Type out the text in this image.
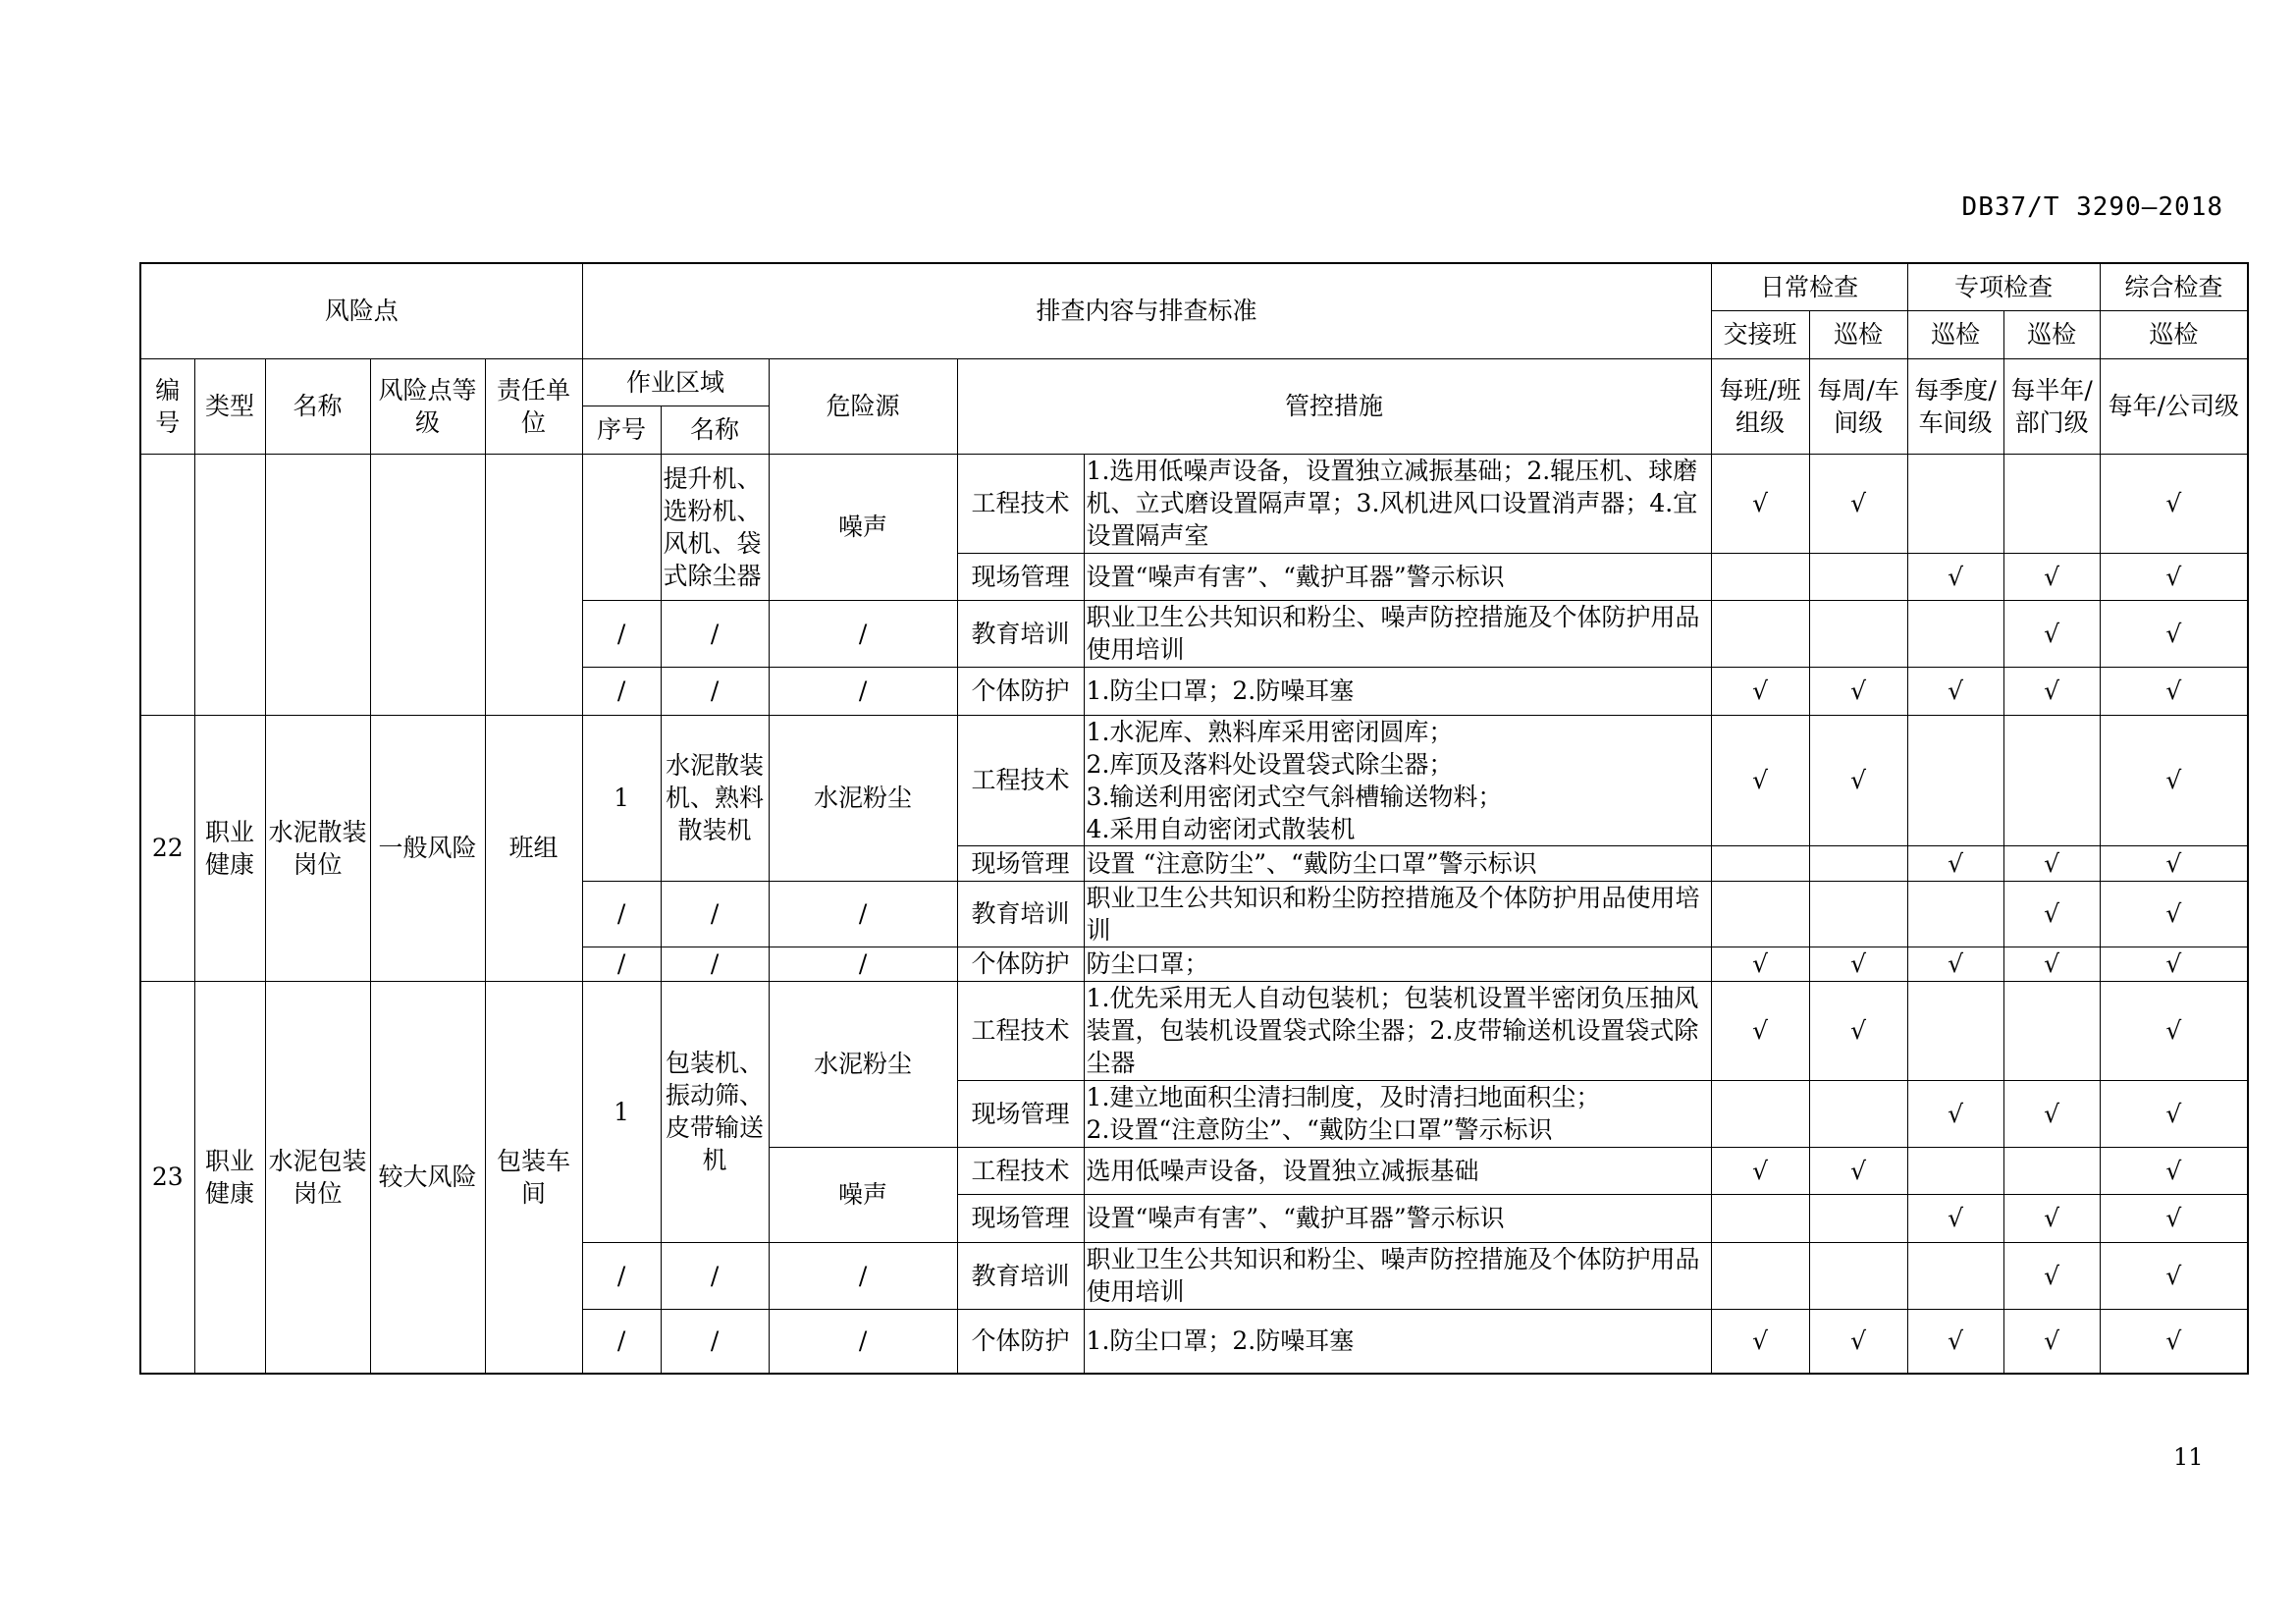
DB37/T 3290—2018
风险点					排查内容与排查标准					日常检查		专项检查		综合检查
										交接班	巡检	巡检	巡检	巡检
编号	类型	名称	风险点等级	责任单位	作业区域		危险源	管控措施		每班/班组级	每周/车间级	每季度/车间级	每半年/部门级	每年/公司级
					序号	名称								
						提升机、选粉机、风机、袋式除尘器	噪声	工程技术	1.选用低噪声设备，设置独立减振基础；2.辊压机、球磨机、立式磨设置隔声罩；3.风机进风口设置消声器；4.宜设置隔声室	√	√			√
								现场管理	设置“噪声有害”、“戴护耳器”警示标识			√	√	√
					/	/	/	教育培训	职业卫生公共知识和粉尘、噪声防控措施及个体防护用品使用培训				√	√
					/	/	/	个体防护	1.防尘口罩；2.防噪耳塞	√	√	√	√	√
22	职业健康	水泥散装岗位	一般风险	班组	1	水泥散装机、熟料散装机	水泥粉尘	工程技术	1.水泥库、熟料库采用密闭圆库；
2.库顶及落料处设置袋式除尘器；
3.输送利用密闭式空气斜槽输送物料；
4.采用自动密闭式散装机	√	√			√
								现场管理	设置 “注意防尘”、“戴防尘口罩”警示标识			√	√	√
					/	/	/	教育培训	职业卫生公共知识和粉尘防控措施及个体防护用品使用培训				√	√
					/	/	/	个体防护	防尘口罩；	√	√	√	√	√
23	职业健康	水泥包装岗位	较大风险	包装车间	1	包装机、振动筛、皮带输送机	水泥粉尘	工程技术	1.优先采用无人自动包装机；包装机设置半密闭负压抽风装置，包装机设置袋式除尘器；2.皮带输送机设置袋式除尘器	√	√			√
								现场管理	1.建立地面积尘清扫制度，及时清扫地面积尘；
2.设置“注意防尘”、“戴防尘口罩”警示标识			√	√	√
							噪声	工程技术	选用低噪声设备，设置独立减振基础	√	√			√
								现场管理	设置“噪声有害”、“戴护耳器”警示标识			√	√	√
					/	/	/	教育培训	职业卫生公共知识和粉尘、噪声防控措施及个体防护用品使用培训				√	√
					/	/	/	个体防护	1.防尘口罩；2.防噪耳塞	√	√	√	√	√
11
